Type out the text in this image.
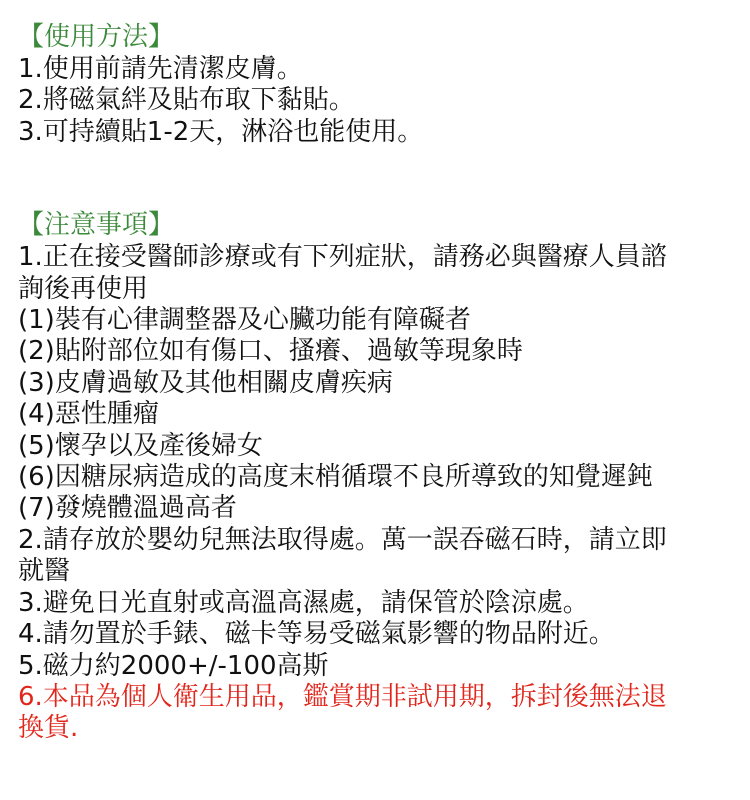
【使用方法】

1.使用前請先清潔皮膚。

2.將磁氣絆及貼布取下黏貼。

3.可持續貼1-2天，淋浴也能使用。

【注意事項】

1.正在接受醫師診療或有下列症狀，請務必與醫療人員諮

詢後再使用

(1)裝有心律調整器及心臟功能有障礙者

(2)貼附部位如有傷口、搔癢、過敏等現象時

(3)皮膚過敏及其他相關皮膚疾病

(4)惡性腫瘤

(5)懷孕以及產後婦女

(6)因糖尿病造成的高度末梢循環不良所導致的知覺遲鈍

(7)發燒體溫過高者

2.請存放於嬰幼兒無法取得處。萬一誤吞磁石時，請立即

就醫

3.避免日光直射或高溫高濕處，請保管於陰涼處。

4.請勿置於手錶、磁卡等易受磁氣影響的物品附近。

5.磁力約2000+/-100高斯

6.本品為個人衛生用品，鑑賞期非試用期，拆封後無法退

換貨.
